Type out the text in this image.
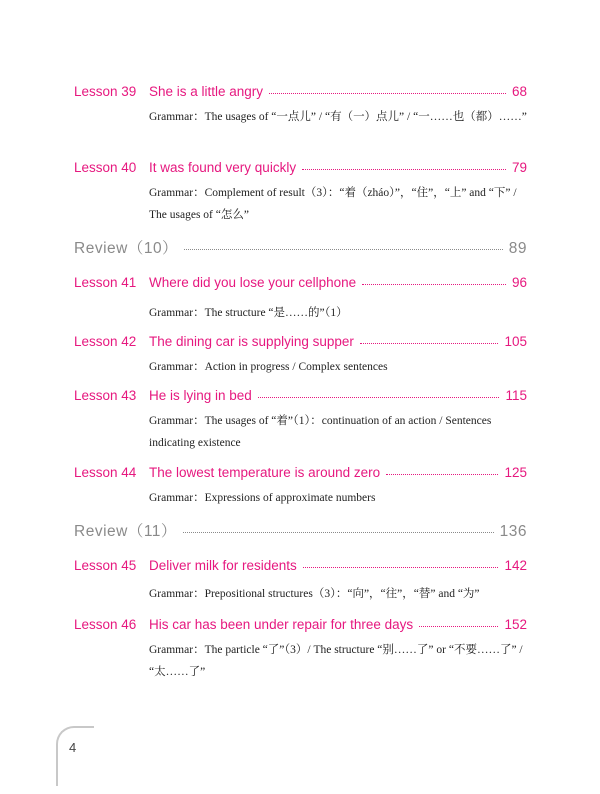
Lesson 39 She is a little angry	68
Grammar：The usages of “一点儿” / “有（一）点儿” / “一……也（都）……”
Lesson 40 It was found very quickly	79
Grammar：Complement of result（3）：“着（zháo）”，“住”，“上” and “下” / The usages of “怎么”
Review（10）	89
Lesson 41 Where did you lose your cellphone	96
Grammar：The structure “是……的”（1）
Lesson 42 The dining car is supplying supper	105
Grammar：Action in progress / Complex sentences
Lesson 43 He is lying in bed	115
Grammar：The usages of “着”（1）：continuation of an action / Sentences indicating existence
Lesson 44 The lowest temperature is around zero	125
Grammar：Expressions of approximate numbers
Review（11）	136
Lesson 45 Deliver milk for residents	142
Grammar：Prepositional structures（3）：“向”，“往”，“替” and “为”
Lesson 46 His car has been under repair for three days	152
Grammar：The particle “了”（3）/ The structure “别……了” or “不要……了” / “太……了”
4
